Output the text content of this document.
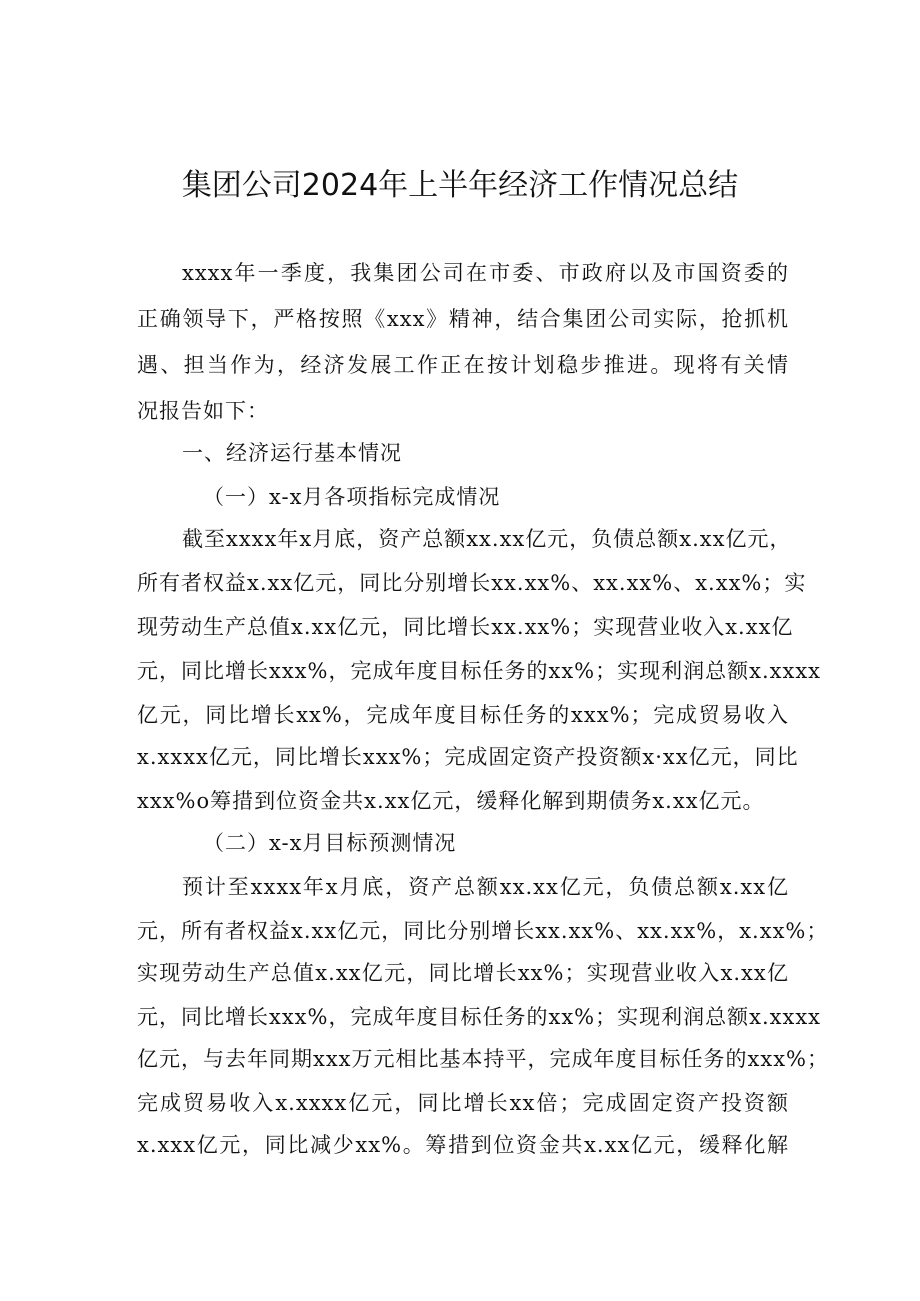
集团公司2024年上半年经济工作情况总结
xxxx年一季度，我集团公司在市委、市政府以及市国资委的
正确领导下，严格按照《xxx》精神，结合集团公司实际，抢抓机
遇、担当作为，经济发展工作正在按计划稳步推进。现将有关情
况报告如下：
一、经济运行基本情况
（一）x-x月各项指标完成情况
截至xxxx年x月底，资产总额xx.xx亿元，负债总额x.xx亿元，
所有者权益x.xx亿元，同比分别增长xx.xx%、xx.xx%、x.xx%；实
现劳动生产总值x.xx亿元，同比增长xx.xx%；实现营业收入x.xx亿
元，同比增长xxx%，完成年度目标任务的xx%；实现利润总额x.xxxx
亿元，同比增长xx%，完成年度目标任务的xxx%；完成贸易收入
x.xxxx亿元，同比增长xxx%；完成固定资产投资额x·xx亿元，同比
xxx%o筹措到位资金共x.xx亿元，缓释化解到期债务x.xx亿元。
（二）x-x月目标预测情况
预计至xxxx年x月底，资产总额xx.xx亿元，负债总额x.xx亿
元，所有者权益x.xx亿元，同比分别增长xx.xx%、xx.xx%，x.xx%；
实现劳动生产总值x.xx亿元，同比增长xx%；实现营业收入x.xx亿
元，同比增长xxx%，完成年度目标任务的xx%；实现利润总额x.xxxx
亿元，与去年同期xxx万元相比基本持平，完成年度目标任务的xxx%；
完成贸易收入x.xxxx亿元，同比增长xx倍；完成固定资产投资额
x.xxx亿元，同比减少xx%。筹措到位资金共x.xx亿元，缓释化解
